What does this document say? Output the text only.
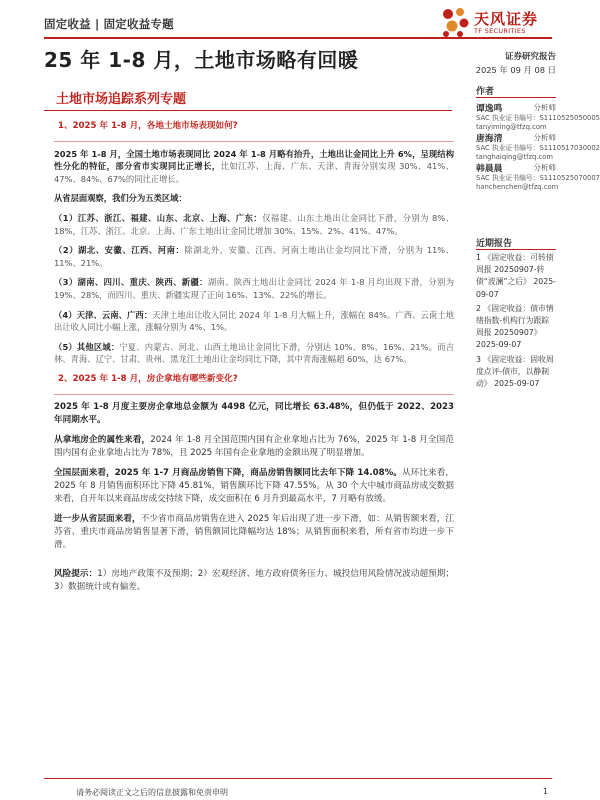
固定收益 | 固定收益专题	天风证券
TF SECURITIES
25 年 1-8 月，土地市场略有回暖
土地市场追踪系列专题
1、2025 年 1-8 月，各地土地市场表现如何?

2025 年 1-8 月，全国土地市场表现同比 2024 年 1-8 月略有抬升，土地出让金同比上升 6%，呈现结构性分化的特征，部分省市实现同比正增长，比如江苏、上海、广东、天津、青海分别实现 30%、41%、47%、84%、67%的同比正增长。

从省层面观察，我们分为五类区域：

（1）江苏、浙江、福建、山东、北京、上海、广东：仅福建、山东土地出让金同比下滑，分别为 8%、18%，江苏、浙江、北京、上海、广东土地出让金同比增加 30%、15%、2%、41%、47%。

（2）湖北、安徽、江西、河南：除湖北外，安徽、江西、河南土地出让金均同比下滑，分别为 11%、11%、21%。

（3）湖南、四川、重庆、陕西、新疆：湖南、陕西土地出让金同比 2024 年 1-8 月均出现下滑，分别为 19%、28%，而四川、重庆、新疆实现了正向 16%、13%、22%的增长。

（4）天津、云南、广西：天津土地出让收入同比 2024 年 1-8 月大幅上升，涨幅在 84%。广西、云南土地出让收入同比小幅上涨，涨幅分别为 4%、1%。

（5）其他区域：宁夏、内蒙古、河北、山西土地出让金同比下滑，分别达 10%、8%、16%、21%。而吉林、青海、辽宁、甘肃、贵州、黑龙江土地出让金均同比下降，其中青海涨幅超 60%，达 67%。

2、2025 年 1-8 月，房企拿地有哪些新变化?

2025 年 1-8 月度主要房企拿地总金额为 4498 亿元，同比增长 63.48%，但仍低于 2022、2023 年同期水平。

从拿地房企的属性来看，2024 年 1-8 月全国范围内国有企业拿地占比为 76%，2025 年 1-8 月全国范围内国有企业拿地占比为 78%，且 2025 年国有企业拿地的金额出现了明显增加。

全国层面来看，2025 年 1-7 月商品房销售下降，商品房销售额同比去年下降 14.08%。从环比来看，2025 年 8 月销售面积环比下降 45.81%，销售额环比下降 47.55%。从 30 个大中城市商品房成交数据来看，自开年以来商品房成交持续下降，成交面积在 6 月升到最高水平，7 月略有放缓。

进一步从省层面来看，不少省市商品房销售在进入 2025 年后出现了进一步下滑，如：从销售额来看，江苏省、重庆市商品房销售显著下滑，销售额同比降幅均达 18%；从销售面积来看，所有省市均进一步下滑。

风险提示：1）房地产政策不及预期；2）宏观经济、地方政府债务压力、城投信用风险情况波动超预期；3）数据统计或有偏差。

证券研究报告
2025 年 09 月 08 日
作者
谭逸鸣	分析师
SAC 执业证书编号：S1110525050005
tanyiming@tfzq.com
唐海清	分析师
SAC 执业证书编号：S1110517030002
tanghaiqing@tfzq.com
韩晨晨	分析师
SAC 执业证书编号：S1110525070007
hanchenchen@tfzq.com
近期报告
1 《固定收益：可转债周报 20250907-转债“波澜”之后》 2025-09-07
2 《固定收益：债市情绪指数-机构行为跟踪周报 20250907》 2025-09-07
3 《固定收益：固收周度点评-债市，以静制动》 2025-09-07
请务必阅读正文之后的信息披露和免责申明	1
